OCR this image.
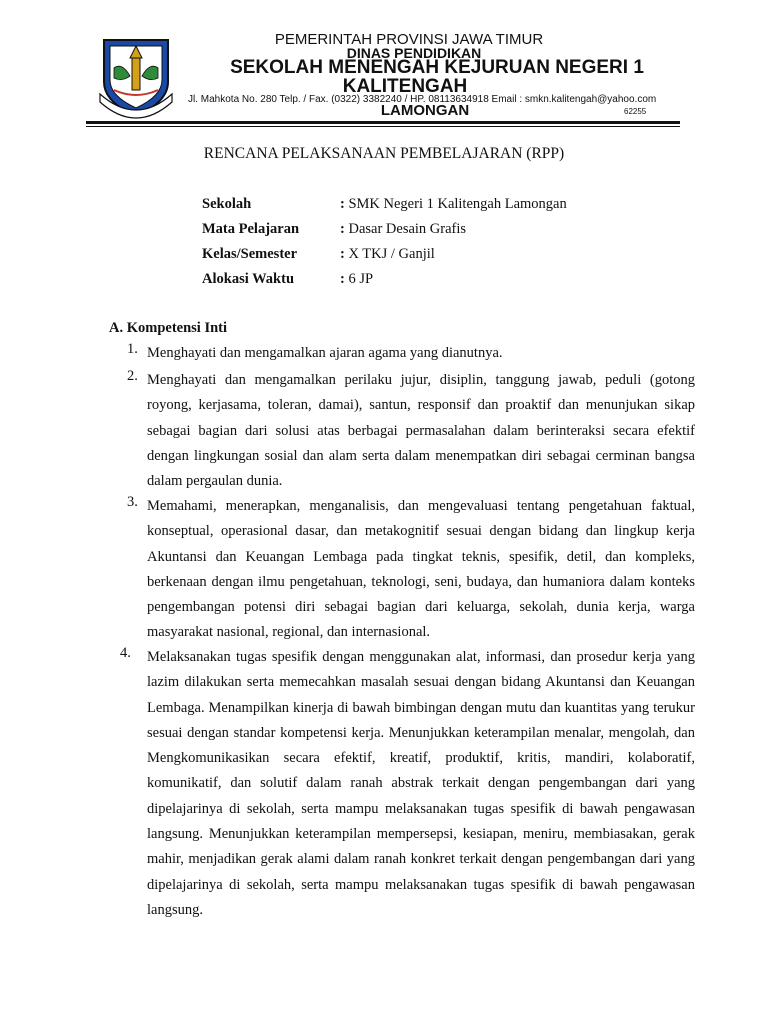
PEMERINTAH PROVINSI JAWA TIMUR
DINAS PENDIDIKAN
SEKOLAH MENENGAH KEJURUAN NEGERI 1
KALITENGAH
Jl. Mahkota No. 280 Telp. / Fax. (0322) 3382240 / HP. 08113634918 Email : smkn.kalitengah@yahoo.com
LAMONGAN	62255
RENCANA PELAKSANAAN PEMBELAJARAN (RPP)
Sekolah	: SMK Negeri 1 Kalitengah Lamongan
Mata Pelajaran	: Dasar Desain Grafis
Kelas/Semester	: X TKJ / Ganjil
Alokasi Waktu	: 6 JP
A. Kompetensi Inti
1. Menghayati dan mengamalkan ajaran agama yang dianutnya.
2. Menghayati dan mengamalkan perilaku jujur, disiplin, tanggung jawab, peduli (gotong royong, kerjasama, toleran, damai), santun, responsif dan proaktif dan menunjukan sikap sebagai bagian dari solusi atas berbagai permasalahan dalam berinteraksi secara efektif dengan lingkungan sosial dan alam serta dalam menempatkan diri sebagai cerminan bangsa dalam pergaulan dunia.
3. Memahami, menerapkan, menganalisis, dan mengevaluasi tentang pengetahuan faktual, konseptual, operasional dasar, dan metakognitif sesuai dengan bidang dan lingkup kerja Akuntansi dan Keuangan Lembaga pada tingkat teknis, spesifik, detil, dan kompleks, berkenaan dengan ilmu pengetahuan, teknologi, seni, budaya, dan humaniora dalam konteks pengembangan potensi diri sebagai bagian dari keluarga, sekolah, dunia kerja, warga masyarakat nasional, regional, dan internasional.
4. Melaksanakan tugas spesifik dengan menggunakan alat, informasi, dan prosedur kerja yang lazim dilakukan serta memecahkan masalah sesuai dengan bidang Akuntansi dan Keuangan Lembaga. Menampilkan kinerja di bawah bimbingan dengan mutu dan kuantitas yang terukur sesuai dengan standar kompetensi kerja. Menunjukkan keterampilan menalar, mengolah, dan Mengkomunikasikan secara efektif, kreatif, produktif, kritis, mandiri, kolaboratif, komunikatif, dan solutif dalam ranah abstrak terkait dengan pengembangan dari yang dipelajarinya di sekolah, serta mampu melaksanakan tugas spesifik di bawah pengawasan langsung. Menunjukkan keterampilan mempersepsi, kesiapan, meniru, membiasakan, gerak mahir, menjadikan gerak alami dalam ranah konkret terkait dengan pengembangan dari yang dipelajarinya di sekolah, serta mampu melaksanakan tugas spesifik di bawah pengawasan langsung.
